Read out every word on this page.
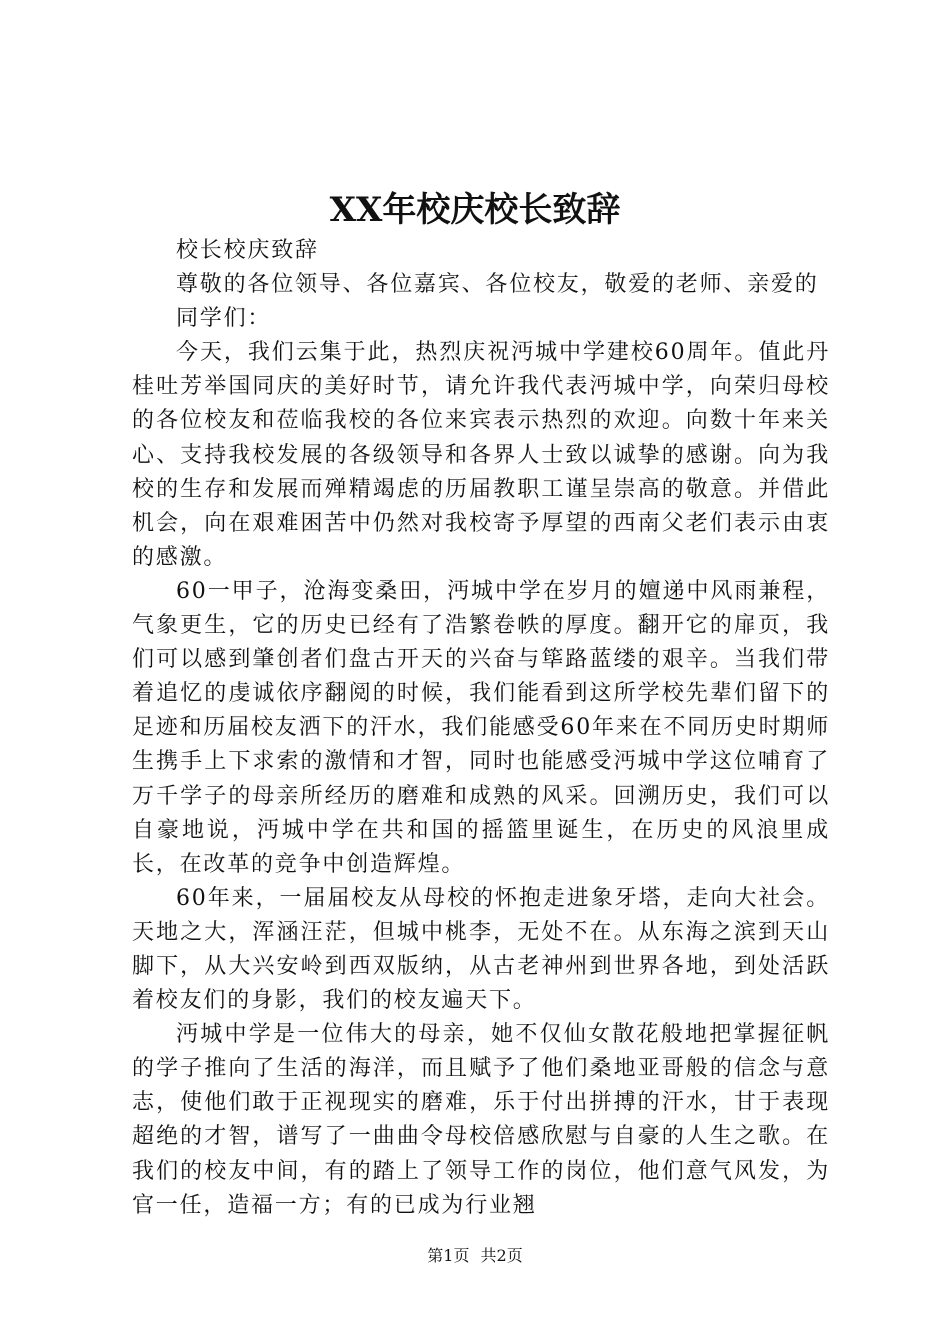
XX年校庆校长致辞

校长校庆致辞

尊敬的各位领导、各位嘉宾、各位校友，敬爱的老师、亲爱的

同学们：

今天，我们云集于此，热烈庆祝沔城中学建校60周年。值此丹桂吐芳举国同庆的美好时节，请允许我代表沔城中学，向荣归母校的各位校友和莅临我校的各位来宾表示热烈的欢迎。向数十年来关心、支持我校发展的各级领导和各界人士致以诚挚的感谢。向为我校的生存和发展而殚精竭虑的历届教职工谨呈崇高的敬意。并借此机会，向在艰难困苦中仍然对我校寄予厚望的西南父老们表示由衷的感激。

60一甲子，沧海变桑田，沔城中学在岁月的嬗递中风雨兼程，气象更生，它的历史已经有了浩繁卷帙的厚度。翻开它的扉页，我们可以感到肇创者们盘古开天的兴奋与筚路蓝缕的艰辛。当我们带着追忆的虔诚依序翻阅的时候，我们能看到这所学校先辈们留下的足迹和历届校友洒下的汗水，我们能感受60年来在不同历史时期师生携手上下求索的激情和才智，同时也能感受沔城中学这位哺育了万千学子的母亲所经历的磨难和成熟的风采。回溯历史，我们可以自豪地说，沔城中学在共和国的摇篮里诞生，在历史的风浪里成长，在改革的竞争中创造辉煌。

60年来，一届届校友从母校的怀抱走进象牙塔，走向大社会。天地之大，浑涵汪茫，但城中桃李，无处不在。从东海之滨到天山脚下，从大兴安岭到西双版纳，从古老神州到世界各地，到处活跃着校友们的身影，我们的校友遍天下。

沔城中学是一位伟大的母亲，她不仅仙女散花般地把掌握征帆的学子推向了生活的海洋，而且赋予了他们桑地亚哥般的信念与意志，使他们敢于正视现实的磨难，乐于付出拼搏的汗水，甘于表现超绝的才智，谱写了一曲曲令母校倍感欣慰与自豪的人生之歌。在我们的校友中间，有的踏上了领导工作的岗位，他们意气风发，为官一任，造福一方；有的已成为行业翘

第1页 共2页
